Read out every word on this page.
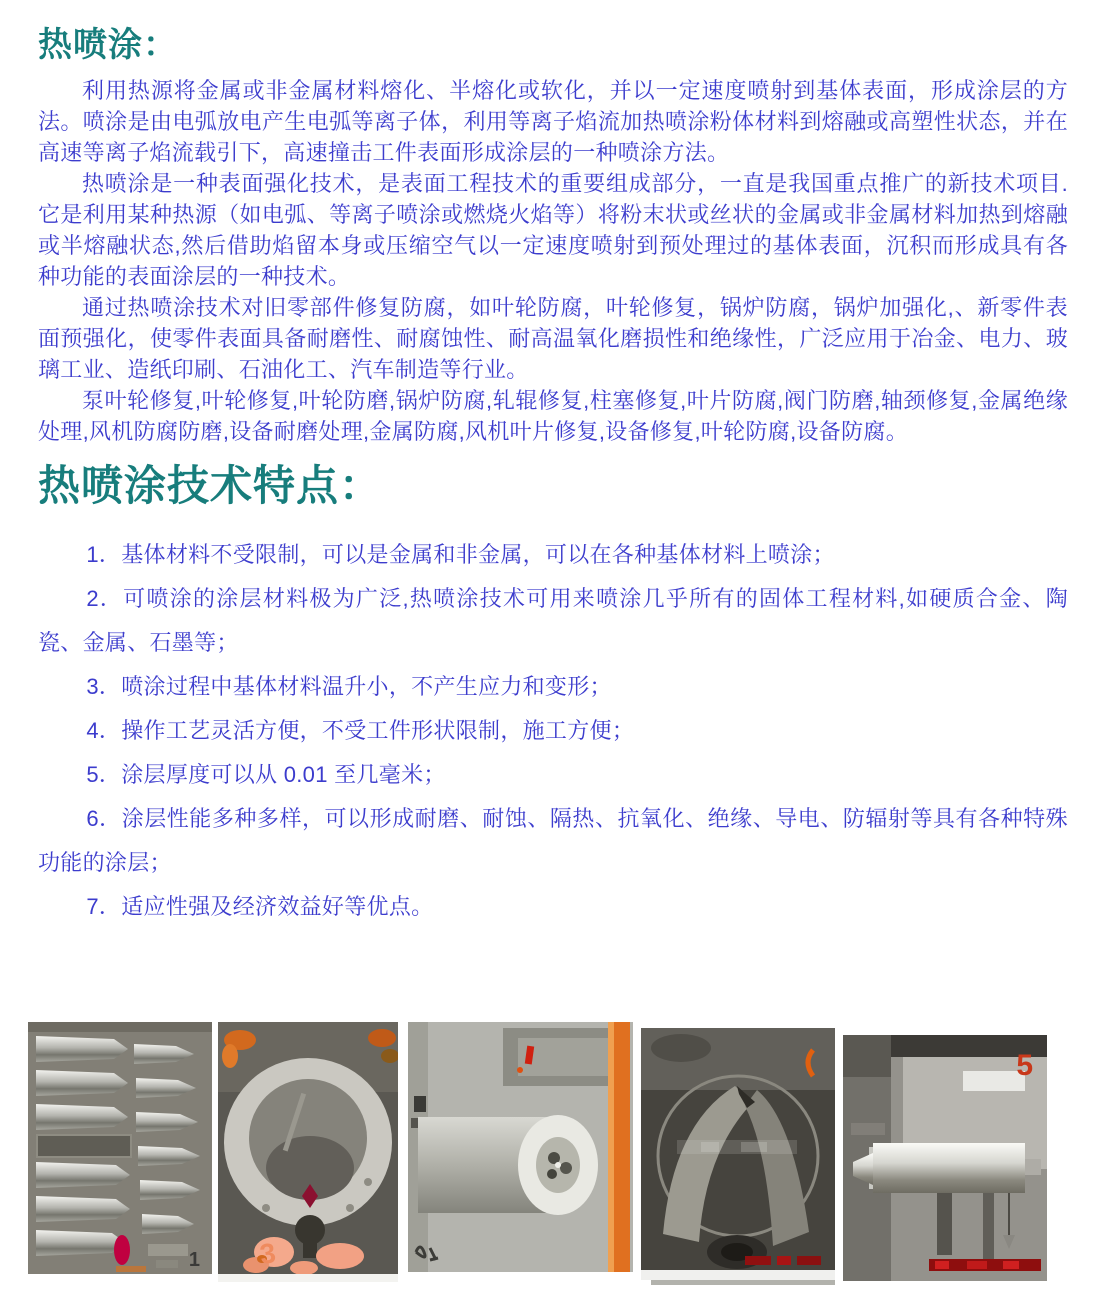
热喷涂：

利用热源将金属或非金属材料熔化、半熔化或软化，并以一定速度喷射到基体表面，形成涂层的方法。喷涂是由电弧放电产生电弧等离子体，利用等离子焰流加热喷涂粉体材料到熔融或高塑性状态，并在高速等离子焰流载引下，高速撞击工件表面形成涂层的一种喷涂方法。

热喷涂是一种表面强化技术，是表面工程技术的重要组成部分，一直是我国重点推广的新技术项目.它是利用某种热源（如电弧、等离子喷涂或燃烧火焰等）将粉末状或丝状的金属或非金属材料加热到熔融或半熔融状态,然后借助焰留本身或压缩空气以一定速度喷射到预处理过的基体表面，沉积而形成具有各种功能的表面涂层的一种技术。

通过热喷涂技术对旧零部件修复防腐，如叶轮防腐，叶轮修复，锅炉防腐，锅炉加强化,、新零件表面预强化，使零件表面具备耐磨性、耐腐蚀性、耐高温氧化磨损性和绝缘性，广泛应用于冶金、电力、玻璃工业、造纸印刷、石油化工、汽车制造等行业。

泵叶轮修复,叶轮修复,叶轮防磨,锅炉防腐,轧辊修复,柱塞修复,叶片防腐,阀门防磨,轴颈修复,金属绝缘处理,风机防腐防磨,设备耐磨处理,金属防腐,风机叶片修复,设备修复,叶轮防腐,设备防腐。

热喷涂技术特点：

1．基体材料不受限制，可以是金属和非金属，可以在各种基体材料上喷涂；

2．可喷涂的涂层材料极为广泛,热喷涂技术可用来喷涂几乎所有的固体工程材料,如硬质合金、陶瓷、金属、石墨等；

3．喷涂过程中基体材料温升小，不产生应力和变形；

4．操作工艺灵活方便，不受工件形状限制，施工方便；

5．涂层厚度可以从 0.01 至几毫米；

6．涂层性能多种多样，可以形成耐磨、耐蚀、隔热、抗氧化、绝缘、导电、防辐射等具有各种特殊功能的涂层；

7．适应性强及经济效益好等优点。

1 3
5
